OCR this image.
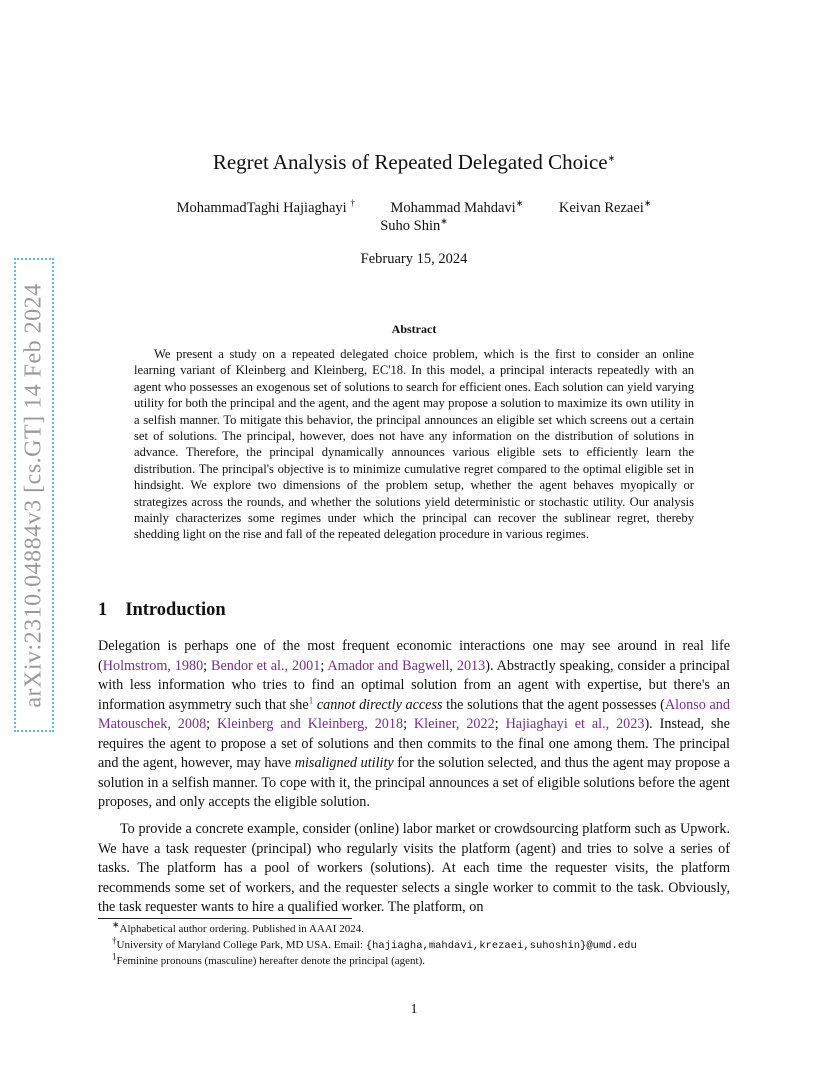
arXiv:2310.04884v3 [cs.GT] 14 Feb 2024
Regret Analysis of Repeated Delegated Choice∗
MohammadTaghi Hajiaghayi † Mohammad Mahdavi∗ Keivan Rezaei∗
Suho Shin∗
February 15, 2024
Abstract

We present a study on a repeated delegated choice problem, which is the first to consider an online learning variant of Kleinberg and Kleinberg, EC'18. In this model, a principal interacts repeatedly with an agent who possesses an exogenous set of solutions to search for efficient ones. Each solution can yield varying utility for both the principal and the agent, and the agent may propose a solution to maximize its own utility in a selfish manner. To mitigate this behavior, the principal announces an eligible set which screens out a certain set of solutions. The principal, however, does not have any information on the distribution of solutions in advance. Therefore, the principal dynamically announces various eligible sets to efficiently learn the distribution. The principal's objective is to minimize cumulative regret compared to the optimal eligible set in hindsight. We explore two dimensions of the problem setup, whether the agent behaves myopically or strategizes across the rounds, and whether the solutions yield deterministic or stochastic utility. Our analysis mainly characterizes some regimes under which the principal can recover the sublinear regret, thereby shedding light on the rise and fall of the repeated delegation procedure in various regimes.

1 Introduction

Delegation is perhaps one of the most frequent economic interactions one may see around in real life (Holmstrom, 1980; Bendor et al., 2001; Amador and Bagwell, 2013). Abstractly speaking, consider a principal with less information who tries to find an optimal solution from an agent with expertise, but there's an information asymmetry such that she$^1$ cannot directly access the solutions that the agent possesses (Alonso and Matouschek, 2008; Kleinberg and Kleinberg, 2018; Kleiner, 2022; Hajiaghayi et al., 2023). Instead, she requires the agent to propose a set of solutions and then commits to the final one among them. The principal and the agent, however, may have misaligned utility for the solution selected, and thus the agent may propose a solution in a selfish manner. To cope with it, the principal announces a set of eligible solutions before the agent proposes, and only accepts the eligible solution.

To provide a concrete example, consider (online) labor market or crowdsourcing platform such as Upwork. We have a task requester (principal) who regularly visits the platform (agent) and tries to solve a series of tasks. The platform has a pool of workers (solutions). At each time the requester visits, the platform recommends some set of workers, and the requester selects a single worker to commit to the task. Obviously, the task requester wants to hire a qualified worker. The platform, on

∗Alphabetical author ordering. Published in AAAI 2024.
†University of Maryland College Park, MD USA. Email: {hajiagha,mahdavi,krezaei,suhoshin}@umd.edu
$^1$Feminine pronouns (masculine) hereafter denote the principal (agent).
1
